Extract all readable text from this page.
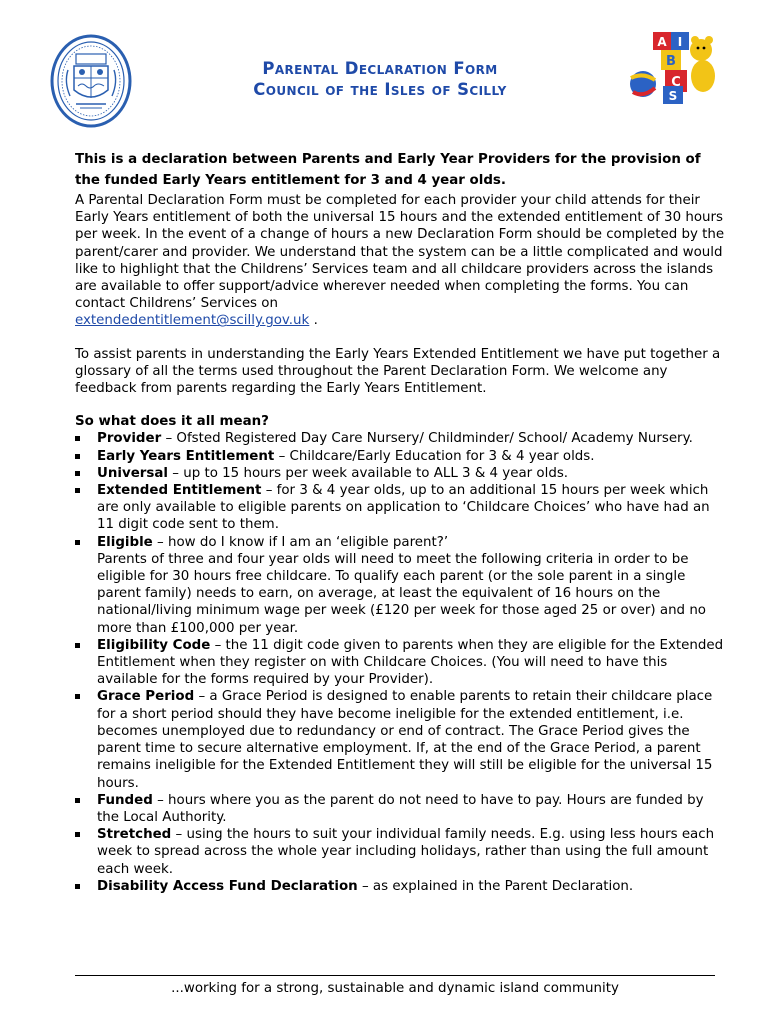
Parental Declaration Form
Council of the Isles of Scilly
A I
B
C
S

This is a declaration between Parents and Early Year Providers for the provision of the funded Early Years entitlement for 3 and 4 year olds.

A Parental Declaration Form must be completed for each provider your child attends for their Early Years entitlement of both the universal 15 hours and the extended entitlement of 30 hours per week. In the event of a change of hours a new Declaration Form should be completed by the parent/carer and provider. We understand that the system can be a little complicated and would like to highlight that the Childrens’ Services team and all childcare providers across the islands are available to offer support/advice wherever needed when completing the forms. You can contact Childrens’ Services on
extendedentitlement@scilly.gov.uk .

To assist parents in understanding the Early Years Extended Entitlement we have put together a glossary of all the terms used throughout the Parent Declaration Form. We welcome any feedback from parents regarding the Early Years Entitlement.

So what does it all mean?

Provider – Ofsted Registered Day Care Nursery/ Childminder/ School/ Academy Nursery.
Early Years Entitlement – Childcare/Early Education for 3 & 4 year olds.
Universal – up to 15 hours per week available to ALL 3 & 4 year olds.
Extended Entitlement – for 3 & 4 year olds, up to an additional 15 hours per week which are only available to eligible parents on application to ‘Childcare Choices’ who have had an 11 digit code sent to them.
Eligible – how do I know if I am an ‘eligible parent?’
Parents of three and four year olds will need to meet the following criteria in order to be eligible for 30 hours free childcare. To qualify each parent (or the sole parent in a single parent family) needs to earn, on average, at least the equivalent of 16 hours on the national/living minimum wage per week (£120 per week for those aged 25 or over) and no more than £100,000 per year.
Eligibility Code – the 11 digit code given to parents when they are eligible for the Extended Entitlement when they register on with Childcare Choices. (You will need to have this available for the forms required by your Provider).
Grace Period – a Grace Period is designed to enable parents to retain their childcare place for a short period should they have become ineligible for the extended entitlement, i.e. becomes unemployed due to redundancy or end of contract. The Grace Period gives the parent time to secure alternative employment. If, at the end of the Grace Period, a parent remains ineligible for the Extended Entitlement they will still be eligible for the universal 15 hours.
Funded – hours where you as the parent do not need to have to pay. Hours are funded by the Local Authority.
Stretched – using the hours to suit your individual family needs. E.g. using less hours each week to spread across the whole year including holidays, rather than using the full amount each week.
Disability Access Fund Declaration – as explained in the Parent Declaration.
...working for a strong, sustainable and dynamic island community
